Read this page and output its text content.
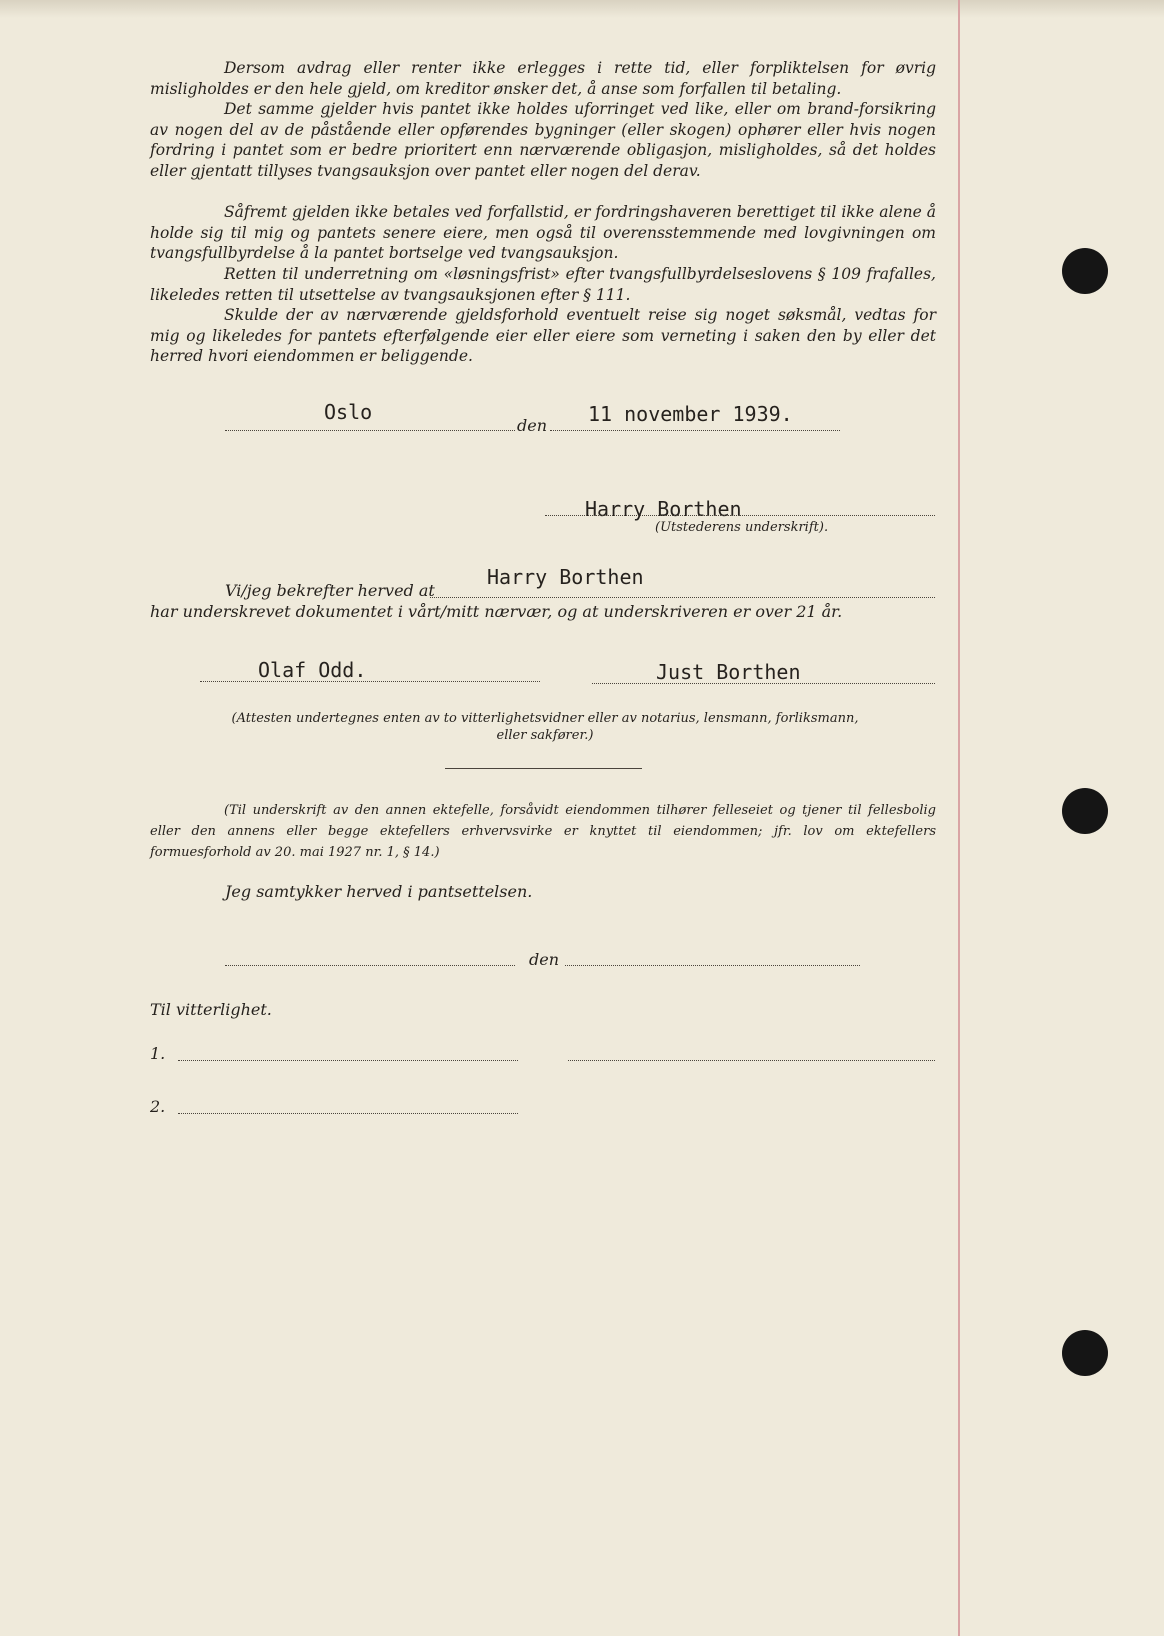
Dersom avdrag eller renter ikke erlegges i rette tid, eller forpliktelsen for øvrig misligholdes er den hele gjeld, om kreditor ønsker det, å anse som forfallen til betaling.
Det samme gjelder hvis pantet ikke holdes uforringet ved like, eller om brand-forsikring av nogen del av de påstående eller opførendes bygninger (eller skogen) ophører eller hvis nogen fordring i pantet som er bedre prioritert enn nærværende obligasjon, misligholdes, så det holdes eller gjentatt tillyses tvangsauksjon over pantet eller nogen del derav.
Såfremt gjelden ikke betales ved forfallstid, er fordringshaveren berettiget til ikke alene å holde sig til mig og pantets senere eiere, men også til overensstemmende med lovgivningen om tvangsfullbyrdelse å la pantet bortselge ved tvangsauksjon.
Retten til underretning om «løsningsfrist» efter tvangsfullbyrdelseslovens § 109 frafalles, likeledes retten til utsettelse av tvangsauksjonen efter § 111.
Skulde der av nærværende gjeldsforhold eventuelt reise sig noget søksmål, vedtas for mig og likeledes for pantets efterfølgende eier eller eiere som verneting i saken den by eller det herred hvori eiendommen er beliggende.
Oslo
den 11 november 1939.
Harry Borthen
(Utstederens underskrift).
Vi/jeg bekrefter herved at
Harry Borthen
har underskrevet dokumentet i vårt/mitt nærvær, og at underskriveren er over 21 år.
Olaf Odd.	Just Borthen
(Attesten undertegnes enten av to vitterlighetsvidner eller av notarius, lensmann, forliksmann, eller sakfører.)
(Til underskrift av den annen ektefelle, forsåvidt eiendommen tilhører felleseiet og tjener til fellesbolig eller den annens eller begge ektefellers erhvervsvirke er knyttet til eiendommen; jfr. lov om ektefellers formuesforhold av 20. mai 1927 nr. 1, § 14.)
Jeg samtykker herved i pantsettelsen.
den
Til vitterlighet.
1.
2.
